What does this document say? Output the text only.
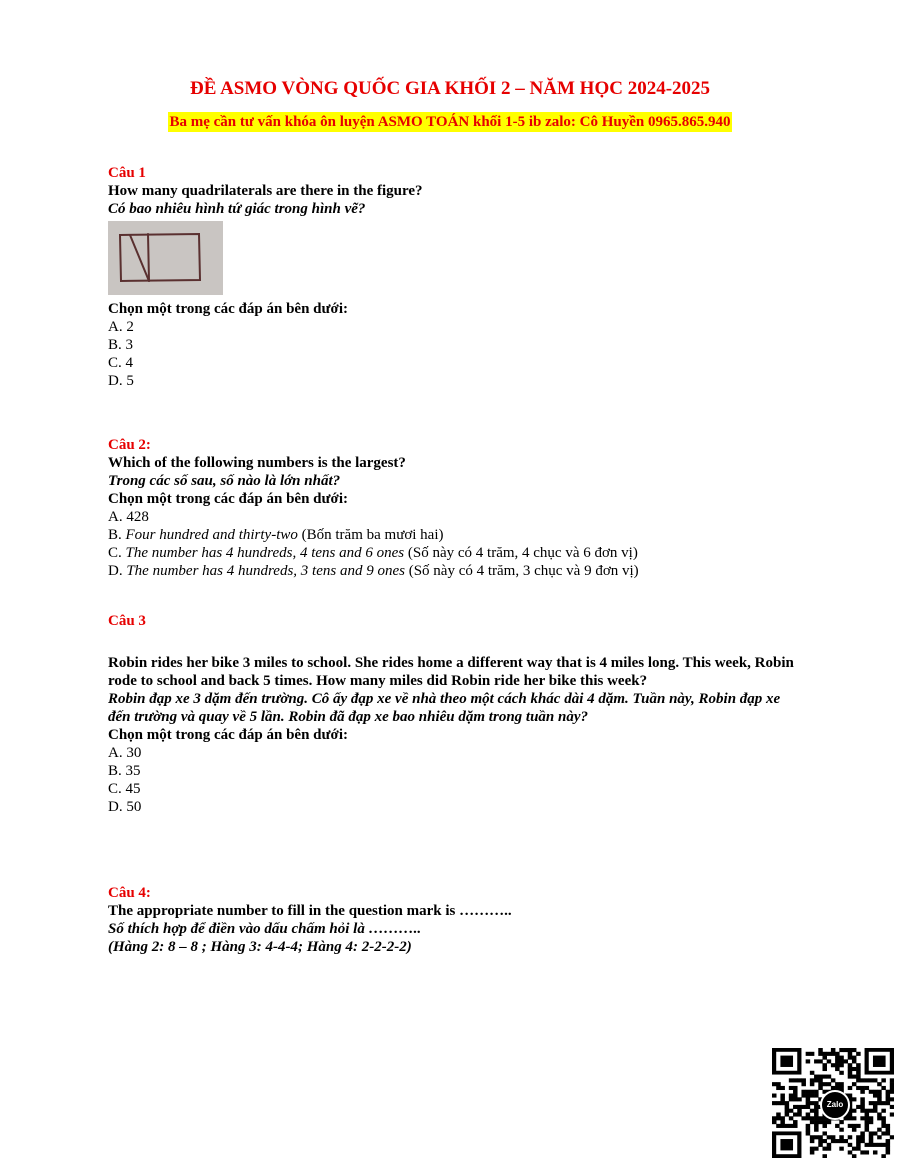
ĐỀ ASMO VÒNG QUỐC GIA KHỐI 2 – NĂM HỌC 2024-2025
Ba mẹ cần tư vấn khóa ôn luyện ASMO TOÁN khối 1-5 ib zalo: Cô Huyền 0965.865.940

Câu 1

How many quadrilaterals are there in the figure?

Có bao nhiêu hình tứ giác trong hình vẽ?

Chọn một trong các đáp án bên dưới:

A. 2

B. 3

C. 4

D. 5

Câu 2:

Which of the following numbers is the largest?

Trong các số sau, số nào là lớn nhất?

Chọn một trong các đáp án bên dưới:

A. 428

B. Four hundred and thirty-two (Bốn trăm ba mươi hai)

C. The number has 4 hundreds, 4 tens and 6 ones (Số này có 4 trăm, 4 chục và 6 đơn vị)

D. The number has 4 hundreds, 3 tens and 9 ones (Số này có 4 trăm, 3 chục và 9 đơn vị)

Câu 3

Robin rides her bike 3 miles to school. She rides home a different way that is 4 miles long. This week, Robin rode to school and back 5 times. How many miles did Robin ride her bike this week?

Robin đạp xe 3 dặm đến trường. Cô ấy đạp xe về nhà theo một cách khác dài 4 dặm. Tuần này, Robin đạp xe đến trường và quay về 5 lần. Robin đã đạp xe bao nhiêu dặm trong tuần này?

Chọn một trong các đáp án bên dưới:

A. 30

B. 35

C. 45

D. 50

Câu 4:

The appropriate number to fill in the question mark is ………..

Số thích hợp để điền vào dấu chấm hỏi là ………..

(Hàng 2: 8 – 8 ; Hàng 3: 4-4-4; Hàng 4: 2-2-2-2)

Zalo
